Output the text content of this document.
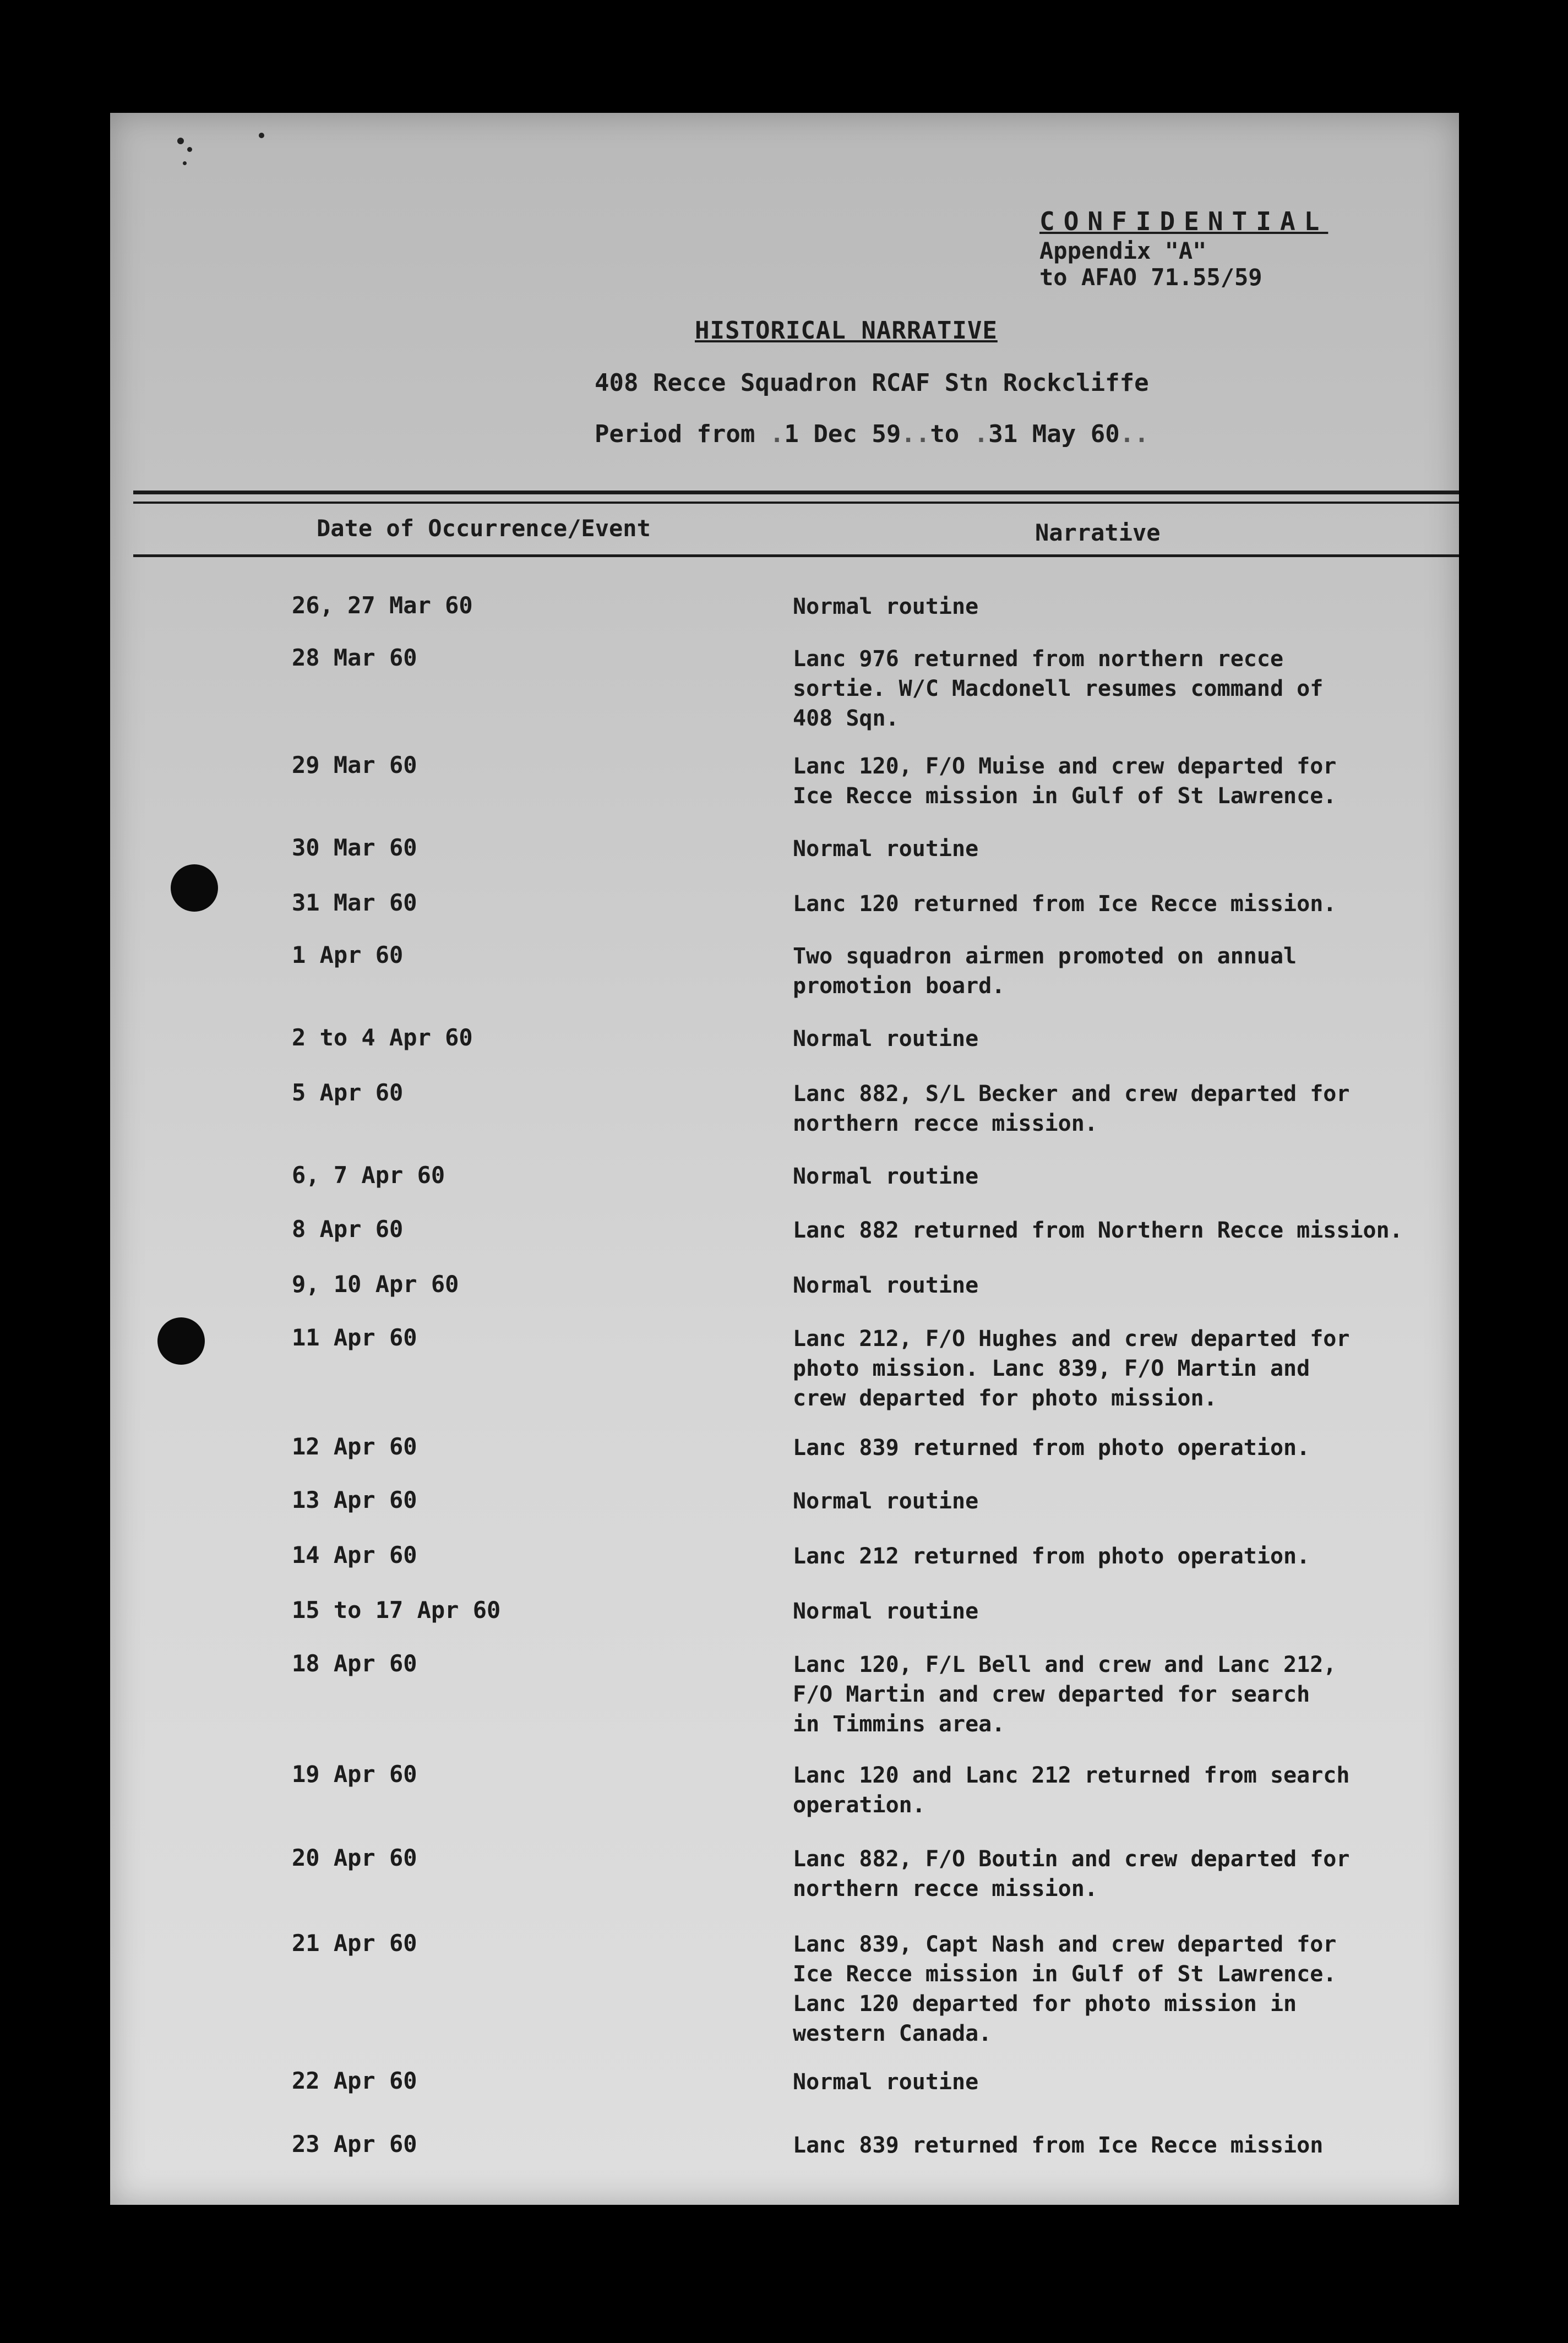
CONFIDENTIAL
Appendix "A"
to AFAO 71.55/59
HISTORICAL NARRATIVE
408 Recce Squadron RCAF Stn Rockcliffe
Period from .1 Dec 59..to .31 May 60..
Date of Occurrence/Event	Narrative
26, 27 Mar 60	Normal routine
28 Mar 60	Lanc 976 returned from northern recce
sortie. W/C Macdonell resumes command of
408 Sqn.
29 Mar 60	Lanc 120, F/O Muise and crew departed for
Ice Recce mission in Gulf of St Lawrence.
30 Mar 60	Normal routine
31 Mar 60	Lanc 120 returned from Ice Recce mission.
1 Apr 60	Two squadron airmen promoted on annual
promotion board.
2 to 4 Apr 60	Normal routine
5 Apr 60	Lanc 882, S/L Becker and crew departed for
northern recce mission.
6, 7 Apr 60	Normal routine
8 Apr 60	Lanc 882 returned from Northern Recce mission.
9, 10 Apr 60	Normal routine
11 Apr 60	Lanc 212, F/O Hughes and crew departed for
photo mission. Lanc 839, F/O Martin and
crew departed for photo mission.
12 Apr 60	Lanc 839 returned from photo operation.
13 Apr 60	Normal routine
14 Apr 60	Lanc 212 returned from photo operation.
15 to 17 Apr 60	Normal routine
18 Apr 60	Lanc 120, F/L Bell and crew and Lanc 212,
F/O Martin and crew departed for search
in Timmins area.
19 Apr 60	Lanc 120 and Lanc 212 returned from search
operation.
20 Apr 60	Lanc 882, F/O Boutin and crew departed for
northern recce mission.
21 Apr 60	Lanc 839, Capt Nash and crew departed for
Ice Recce mission in Gulf of St Lawrence.
Lanc 120 departed for photo mission in
western Canada.
22 Apr 60	Normal routine
23 Apr 60	Lanc 839 returned from Ice Recce mission
